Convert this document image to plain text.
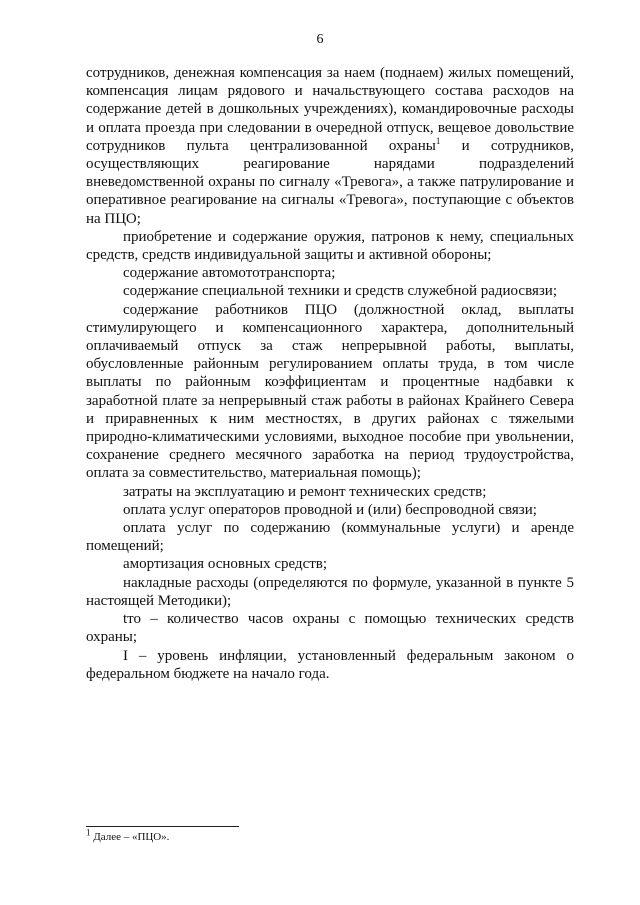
6

сотрудников, денежная компенсация за наем (поднаем) жилых помещений, компенсация лицам рядового и начальствующего состава расходов на содержание детей в дошкольных учреждениях), командировочные расходы и оплата проезда при следовании в очередной отпуск, вещевое довольствие сотрудников пульта централизованной охраны$^1$ и сотрудников, осуществляющих реагирование нарядами подразделений вневедомственной охраны по сигналу «Тревога», а также патрулирование и оперативное реагирование на сигналы «Тревога», поступающие с объектов на ПЦО;

приобретение и содержание оружия, патронов к нему, специальных средств, средств индивидуальной защиты и активной обороны;

содержание автомототранспорта;

содержание специальной техники и средств служебной радиосвязи;

содержание работников ПЦО (должностной оклад, выплаты стимулирующего и компенсационного характера, дополнительный оплачиваемый отпуск за стаж непрерывной работы, выплаты, обусловленные районным регулированием оплаты труда, в том числе выплаты по районным коэффициентам и процентные надбавки к заработной плате за непрерывный стаж работы в районах Крайнего Севера и приравненных к ним местностях, в других районах с тяжелыми природно-климатическими условиями, выходное пособие при увольнении, сохранение среднего месячного заработка на период трудоустройства, оплата за совместительство, материальная помощь);

затраты на эксплуатацию и ремонт технических средств;

оплата услуг операторов проводной и (или) беспроводной связи;

оплата услуг по содержанию (коммунальные услуги) и аренде помещений;

амортизация основных средств;

накладные расходы (определяются по формуле, указанной в пункте 5 настоящей Методики);

tто – количество часов охраны с помощью технических средств охраны;

I – уровень инфляции, установленный федеральным законом о федеральном бюджете на начало года.

$^1$ Далее – «ПЦО».
